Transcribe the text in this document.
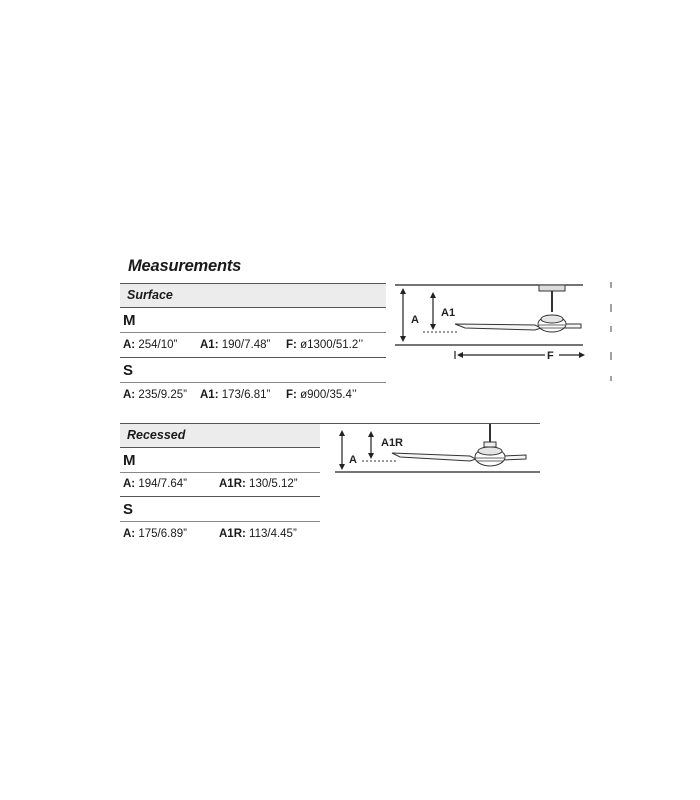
Measurements
Surface
M
A: 254/10” A1: 190/7.48” F: ø1300/51.2’’
S
A: 235/9.25” A1: 173/6.81” F: ø900/35.4’’
A
A1
F
Recessed
M
A: 194/7.64”	A1R: 130/5.12”
S
A: 175/6.89”	A1R: 113/4.45”
A
A1R
